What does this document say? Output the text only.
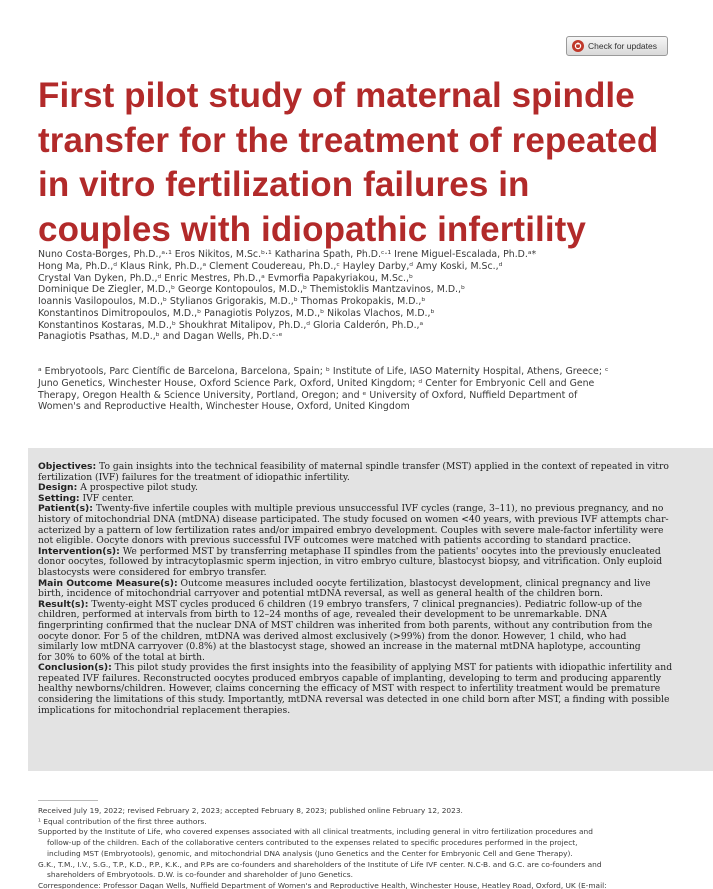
Check for updates
First pilot study of maternal spindle
transfer for the treatment of repeated
in vitro fertilization failures in
couples with idiopathic infertility
Nuno Costa-Borges, Ph.D.,ᵃ·¹ Eros Nikitos, M.Sc.ᵇ·¹ Katharina Spath, Ph.D.ᶜ·¹ Irene Miguel-Escalada, Ph.D.ᵃ*
Hong Ma, Ph.D.,ᵈ Klaus Rink, Ph.D.,ᵃ Clement Coudereau, Ph.D.,ᶜ Hayley Darby,ᵈ Amy Koski, M.Sc.,ᵈ
Crystal Van Dyken, Ph.D.,ᵈ Enric Mestres, Ph.D.,ᵃ Evmorfia Papakyriakou, M.Sc.,ᵇ
Dominique De Ziegler, M.D.,ᵇ George Kontopoulos, M.D.,ᵇ Themistoklis Mantzavinos, M.D.,ᵇ
Ioannis Vasilopoulos, M.D.,ᵇ Stylianos Grigorakis, M.D.,ᵇ Thomas Prokopakis, M.D.,ᵇ
Konstantinos Dimitropoulos, M.D.,ᵇ Panagiotis Polyzos, M.D.,ᵇ Nikolas Vlachos, M.D.,ᵇ
Konstantinos Kostaras, M.D.,ᵇ Shoukhrat Mitalipov, Ph.D.,ᵈ Gloria Calderón, Ph.D.,ᵃ
Panagiotis Psathas, M.D.,ᵇ and Dagan Wells, Ph.D.ᶜ·ᵉ
ᵃ Embryotools, Parc Científic de Barcelona, Barcelona, Spain; ᵇ Institute of Life, IASO Maternity Hospital, Athens, Greece; ᶜ
Juno Genetics, Winchester House, Oxford Science Park, Oxford, United Kingdom; ᵈ Center for Embryonic Cell and Gene
Therapy, Oregon Health & Science University, Portland, Oregon; and ᵉ University of Oxford, Nuffield Department of
Women's and Reproductive Health, Winchester House, Oxford, United Kingdom
Objectives: To gain insights into the technical feasibility of maternal spindle transfer (MST) applied in the context of repeated in vitro
fertilization (IVF) failures for the treatment of idiopathic infertility.
Design: A prospective pilot study.
Setting: IVF center.
Patient(s): Twenty-five infertile couples with multiple previous unsuccessful IVF cycles (range, 3–11), no previous pregnancy, and no
history of mitochondrial DNA (mtDNA) disease participated. The study focused on women <40 years, with previous IVF attempts char-
acterized by a pattern of low fertilization rates and/or impaired embryo development. Couples with severe male-factor infertility were
not eligible. Oocyte donors with previous successful IVF outcomes were matched with patients according to standard practice.
Intervention(s): We performed MST by transferring metaphase II spindles from the patients' oocytes into the previously enucleated
donor oocytes, followed by intracytoplasmic sperm injection, in vitro embryo culture, blastocyst biopsy, and vitrification. Only euploid
blastocysts were considered for embryo transfer.
Main Outcome Measure(s): Outcome measures included oocyte fertilization, blastocyst development, clinical pregnancy and live
birth, incidence of mitochondrial carryover and potential mtDNA reversal, as well as general health of the children born.
Result(s): Twenty-eight MST cycles produced 6 children (19 embryo transfers, 7 clinical pregnancies). Pediatric follow-up of the
children, performed at intervals from birth to 12–24 months of age, revealed their development to be unremarkable. DNA
fingerprinting confirmed that the nuclear DNA of MST children was inherited from both parents, without any contribution from the
oocyte donor. For 5 of the children, mtDNA was derived almost exclusively (>99%) from the donor. However, 1 child, who had
similarly low mtDNA carryover (0.8%) at the blastocyst stage, showed an increase in the maternal mtDNA haplotype, accounting
for 30% to 60% of the total at birth.
Conclusion(s): This pilot study provides the first insights into the feasibility of applying MST for patients with idiopathic infertility and
repeated IVF failures. Reconstructed oocytes produced embryos capable of implanting, developing to term and producing apparently
healthy newborns/children. However, claims concerning the efficacy of MST with respect to infertility treatment would be premature
considering the limitations of this study. Importantly, mtDNA reversal was detected in one child born after MST, a finding with possible
implications for mitochondrial replacement therapies.
Received July 19, 2022; revised February 2, 2023; accepted February 8, 2023; published online February 12, 2023.
¹ Equal contribution of the first three authors.
Supported by the Institute of Life, who covered expenses associated with all clinical treatments, including general in vitro fertilization procedures and
follow-up of the children. Each of the collaborative centers contributed to the expenses related to specific procedures performed in the project,
including MST (Embryotools), genomic, and mitochondrial DNA analysis (Juno Genetics and the Center for Embryonic Cell and Gene Therapy).
G.K., T.M., I.V., S.G., T.P., K.D., P.P., K.K., and P.Ps are co-founders and shareholders of the Institute of Life IVF center. N.C-B. and G.C. are co-founders and
shareholders of Embryotools. D.W. is co-founder and shareholder of Juno Genetics.
Correspondence: Professor Dagan Wells, Nuffield Department of Women's and Reproductive Health, Winchester House, Heatley Road, Oxford, UK (E-mail:
